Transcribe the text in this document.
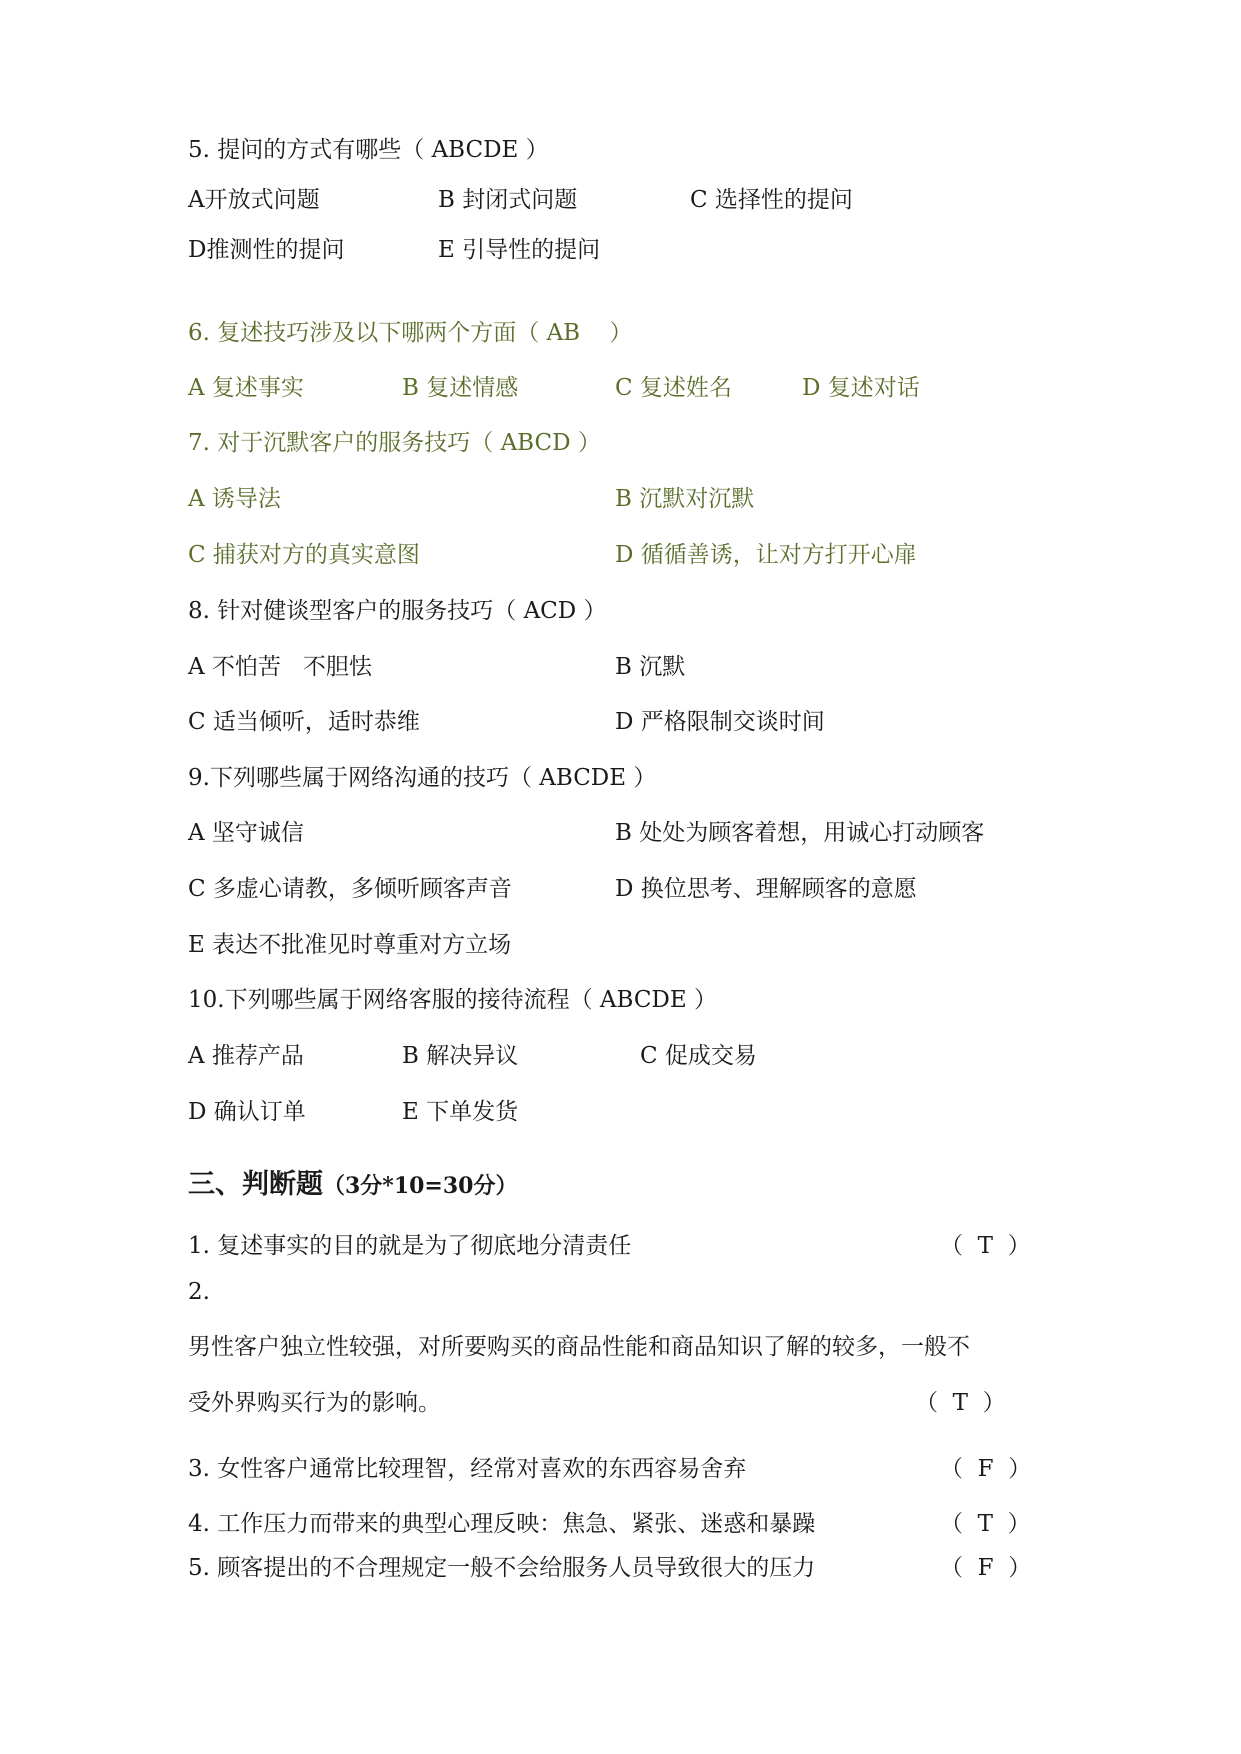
5. 提问的方式有哪些（ ABCDE ）
A开放式问题	B 封闭式问题	C 选择性的提问
D推测性的提问	E 引导性的提问
6. 复述技巧涉及以下哪两个方面（ AB    ）
A 复述事实	B 复述情感	C 复述姓名	D 复述对话
7. 对于沉默客户的服务技巧（ ABCD ）
A 诱导法	B 沉默对沉默
C 捕获对方的真实意图	D 循循善诱，让对方打开心扉
8. 针对健谈型客户的服务技巧（ ACD ）
A 不怕苦   不胆怯	B 沉默
C 适当倾听，适时恭维	D 严格限制交谈时间
9.下列哪些属于网络沟通的技巧（ ABCDE ）
A 坚守诚信	B 处处为顾客着想，用诚心打动顾客
C 多虚心请教，多倾听顾客声音	D 换位思考、理解顾客的意愿
E 表达不批准见时尊重对方立场
10.下列哪些属于网络客服的接待流程（ ABCDE ）
A 推荐产品	B 解决异议	C 促成交易
D 确认订单	E 下单发货
三、判断题（3分*10=30分）
1. 复述事实的目的就是为了彻底地分清责任	（  T  ）
2.
男性客户独立性较强，对所要购买的商品性能和商品知识了解的较多，一般不
受外界购买行为的影响。	（  T  ）
3. 女性客户通常比较理智，经常对喜欢的东西容易舍弃	（  F  ）
4. 工作压力而带来的典型心理反映：焦急、紧张、迷惑和暴躁	（  T  ）
5. 顾客提出的不合理规定一般不会给服务人员导致很大的压力	（  F  ）
